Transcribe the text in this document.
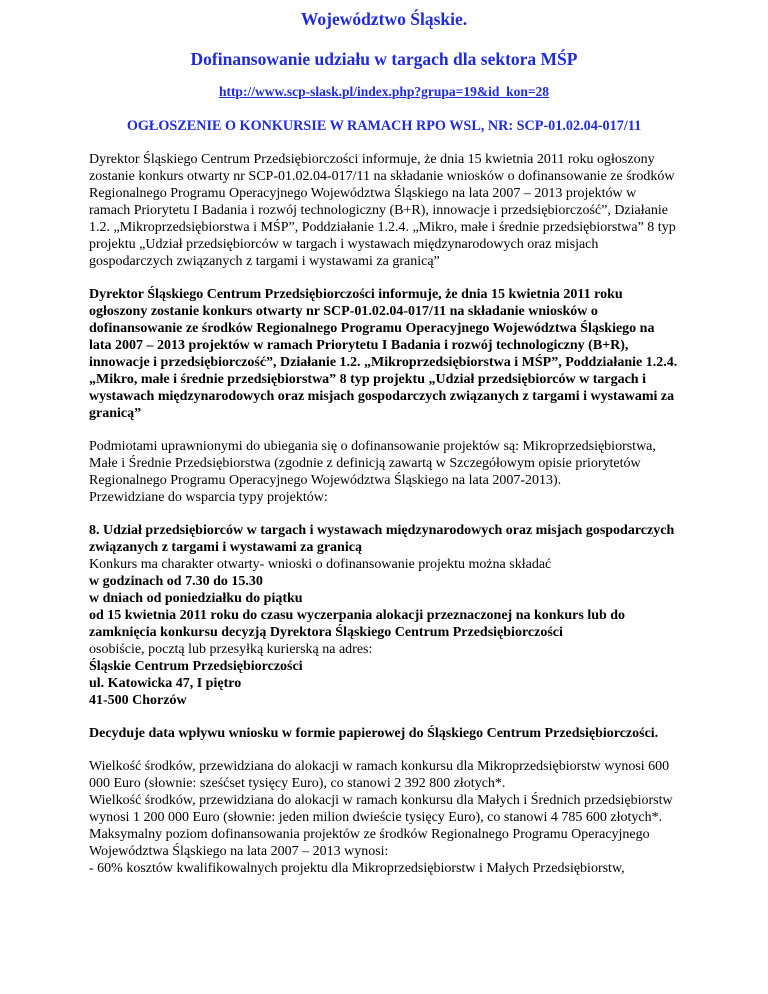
Województwo Śląskie.
Dofinansowanie udziału w targach dla sektora MŚP
http://www.scp-slask.pl/index.php?grupa=19&id_kon=28
OGŁOSZENIE O KONKURSIE W RAMACH RPO WSL, NR: SCP-01.02.04-017/11

Dyrektor Śląskiego Centrum Przedsiębiorczości informuje, że dnia 15 kwietnia 2011 roku ogłoszony zostanie konkurs otwarty nr SCP-01.02.04-017/11 na składanie wniosków o dofinansowanie ze środków Regionalnego Programu Operacyjnego Województwa Śląskiego na lata 2007 – 2013 projektów w ramach Priorytetu I Badania i rozwój technologiczny (B+R), innowacje i przedsiębiorczość”, Działanie 1.2. „Mikroprzedsiębiorstwa i MŚP”, Poddziałanie 1.2.4. „Mikro, małe i średnie przedsiębiorstwa” 8 typ projektu „Udział przedsiębiorców w targach i wystawach międzynarodowych oraz misjach gospodarczych związanych z targami i wystawami za granicą”

Dyrektor Śląskiego Centrum Przedsiębiorczości informuje, że dnia 15 kwietnia 2011 roku ogłoszony zostanie konkurs otwarty nr SCP-01.02.04-017/11 na składanie wniosków o dofinansowanie ze środków Regionalnego Programu Operacyjnego Województwa Śląskiego na lata 2007 – 2013 projektów w ramach Priorytetu I Badania i rozwój technologiczny (B+R), innowacje i przedsiębiorczość”, Działanie 1.2. „Mikroprzedsiębiorstwa i MŚP”, Poddziałanie 1.2.4. „Mikro, małe i średnie przedsiębiorstwa” 8 typ projektu „Udział przedsiębiorców w targach i wystawach międzynarodowych oraz misjach gospodarczych związanych z targami i wystawami za granicą”

Podmiotami uprawnionymi do ubiegania się o dofinansowanie projektów są: Mikroprzedsiębiorstwa, Małe i Średnie Przedsiębiorstwa (zgodnie z definicją zawartą w Szczegółowym opisie priorytetów Regionalnego Programu Operacyjnego Województwa Śląskiego na lata 2007-2013).
Przewidziane do wsparcia typy projektów:

8. Udział przedsiębiorców w targach i wystawach międzynarodowych oraz misjach gospodarczych związanych z targami i wystawami za granicą
Konkurs ma charakter otwarty- wnioski o dofinansowanie projektu można składać
w godzinach od 7.30 do 15.30
w dniach od poniedziałku do piątku
od 15 kwietnia 2011 roku do czasu wyczerpania alokacji przeznaczonej na konkurs lub do zamknięcia konkursu decyzją Dyrektora Śląskiego Centrum Przedsiębiorczości
osobiście, pocztą lub przesyłką kurierską na adres:
Śląskie Centrum Przedsiębiorczości
ul. Katowicka 47, I piętro
41-500 Chorzów

Decyduje data wpływu wniosku w formie papierowej do Śląskiego Centrum Przedsiębiorczości.

Wielkość środków, przewidziana do alokacji w ramach konkursu dla Mikroprzedsiębiorstw wynosi 600 000 Euro (słownie: sześćset tysięcy Euro), co stanowi 2 392 800 złotych*.
Wielkość środków, przewidziana do alokacji w ramach konkursu dla Małych i Średnich przedsiębiorstw wynosi 1 200 000 Euro (słownie: jeden milion dwieście tysięcy Euro), co stanowi 4 785 600 złotych*.
Maksymalny poziom dofinansowania projektów ze środków Regionalnego Programu Operacyjnego Województwa Śląskiego na lata 2007 – 2013 wynosi:
- 60% kosztów kwalifikowalnych projektu dla Mikroprzedsiębiorstw i Małych Przedsiębiorstw,
